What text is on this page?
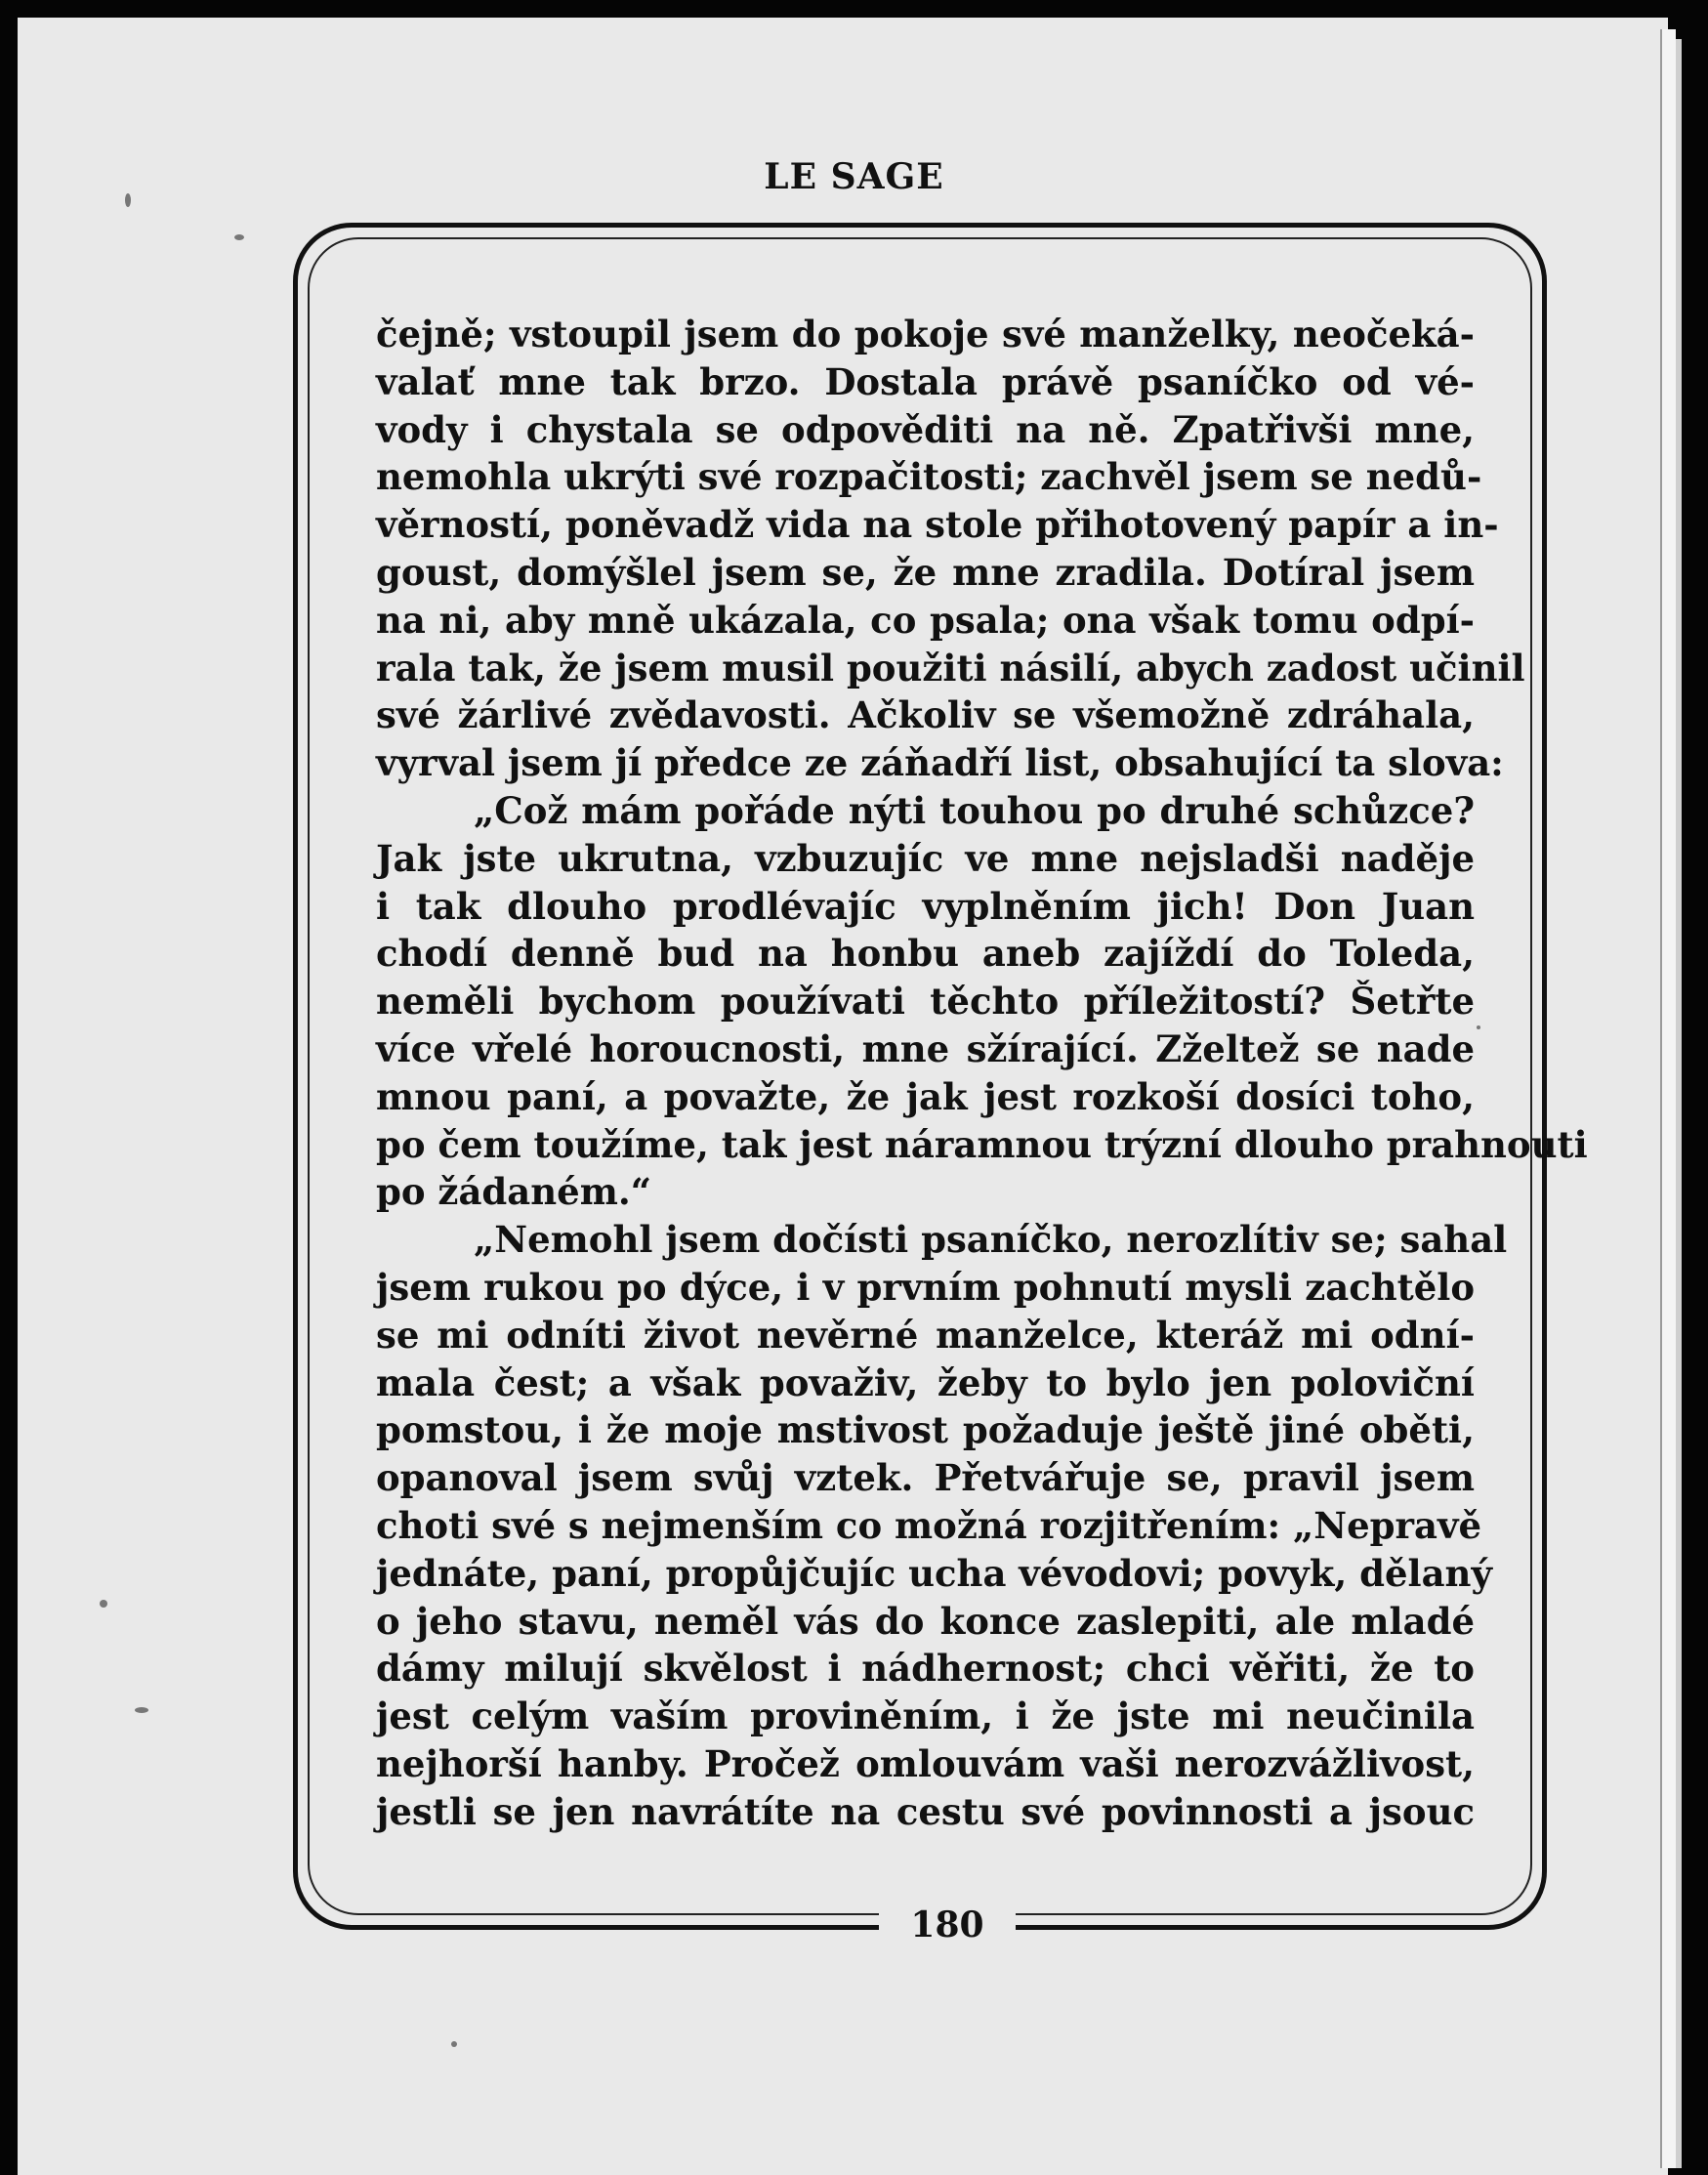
LE SAGE
180
čejně; vstoupil jsem do pokoje své manželky, neočeká-
valať mne tak brzo. Dostala právě psaníčko od vé-
vody i chystala se odpověditi na ně. Zpatřivši mne,
nemohla ukrýti své rozpačitosti; zachvěl jsem se nedů-
věrností, poněvadž vida na stole přihotovený papír a in-
goust, domýšlel jsem se, že mne zradila. Dotíral jsem
na ni, aby mně ukázala, co psala; ona však tomu odpí-
rala tak, že jsem musil použiti násilí, abych zadost učinil
své žárlivé zvědavosti. Ačkoliv se všemožně zdráhala,
vyrval jsem jí předce ze záňadří list, obsahující ta slova:
„Což mám pořáde nýti touhou po druhé schůzce?
Jak jste ukrutna, vzbuzujíc ve mne nejsladši naděje
i tak dlouho prodlévajíc vyplněním jich! Don Juan
chodí denně bud na honbu aneb zajíždí do Toleda,
neměli bychom používati těchto příležitostí? Šetřte
více vřelé horoucnosti, mne sžírající. Zželtež se nade
mnou paní, a považte, že jak jest rozkoší dosíci toho,
po čem toužíme, tak jest náramnou trýzní dlouho prahnouti
po žádaném.“
„Nemohl jsem dočísti psaníčko, nerozlítiv se; sahal
jsem rukou po dýce, i v prvním pohnutí mysli zachtělo
se mi odníti život nevěrné manželce, kteráž mi odní-
mala čest; a však považiv, žeby to bylo jen poloviční
pomstou, i že moje mstivost požaduje ještě jiné oběti,
opanoval jsem svůj vztek. Přetvářuje se, pravil jsem
choti své s nejmenším co možná rozjitřením: „Nepravě
jednáte, paní, propůjčujíc ucha vévodovi; povyk, dělaný
o jeho stavu, neměl vás do konce zaslepiti, ale mladé
dámy milují skvělost i nádhernost; chci věřiti, že to
jest celým vaším proviněním, i že jste mi neučinila
nejhorší hanby. Pročež omlouvám vaši nerozvážlivost,
jestli se jen navrátíte na cestu své povinnosti a jsouc
